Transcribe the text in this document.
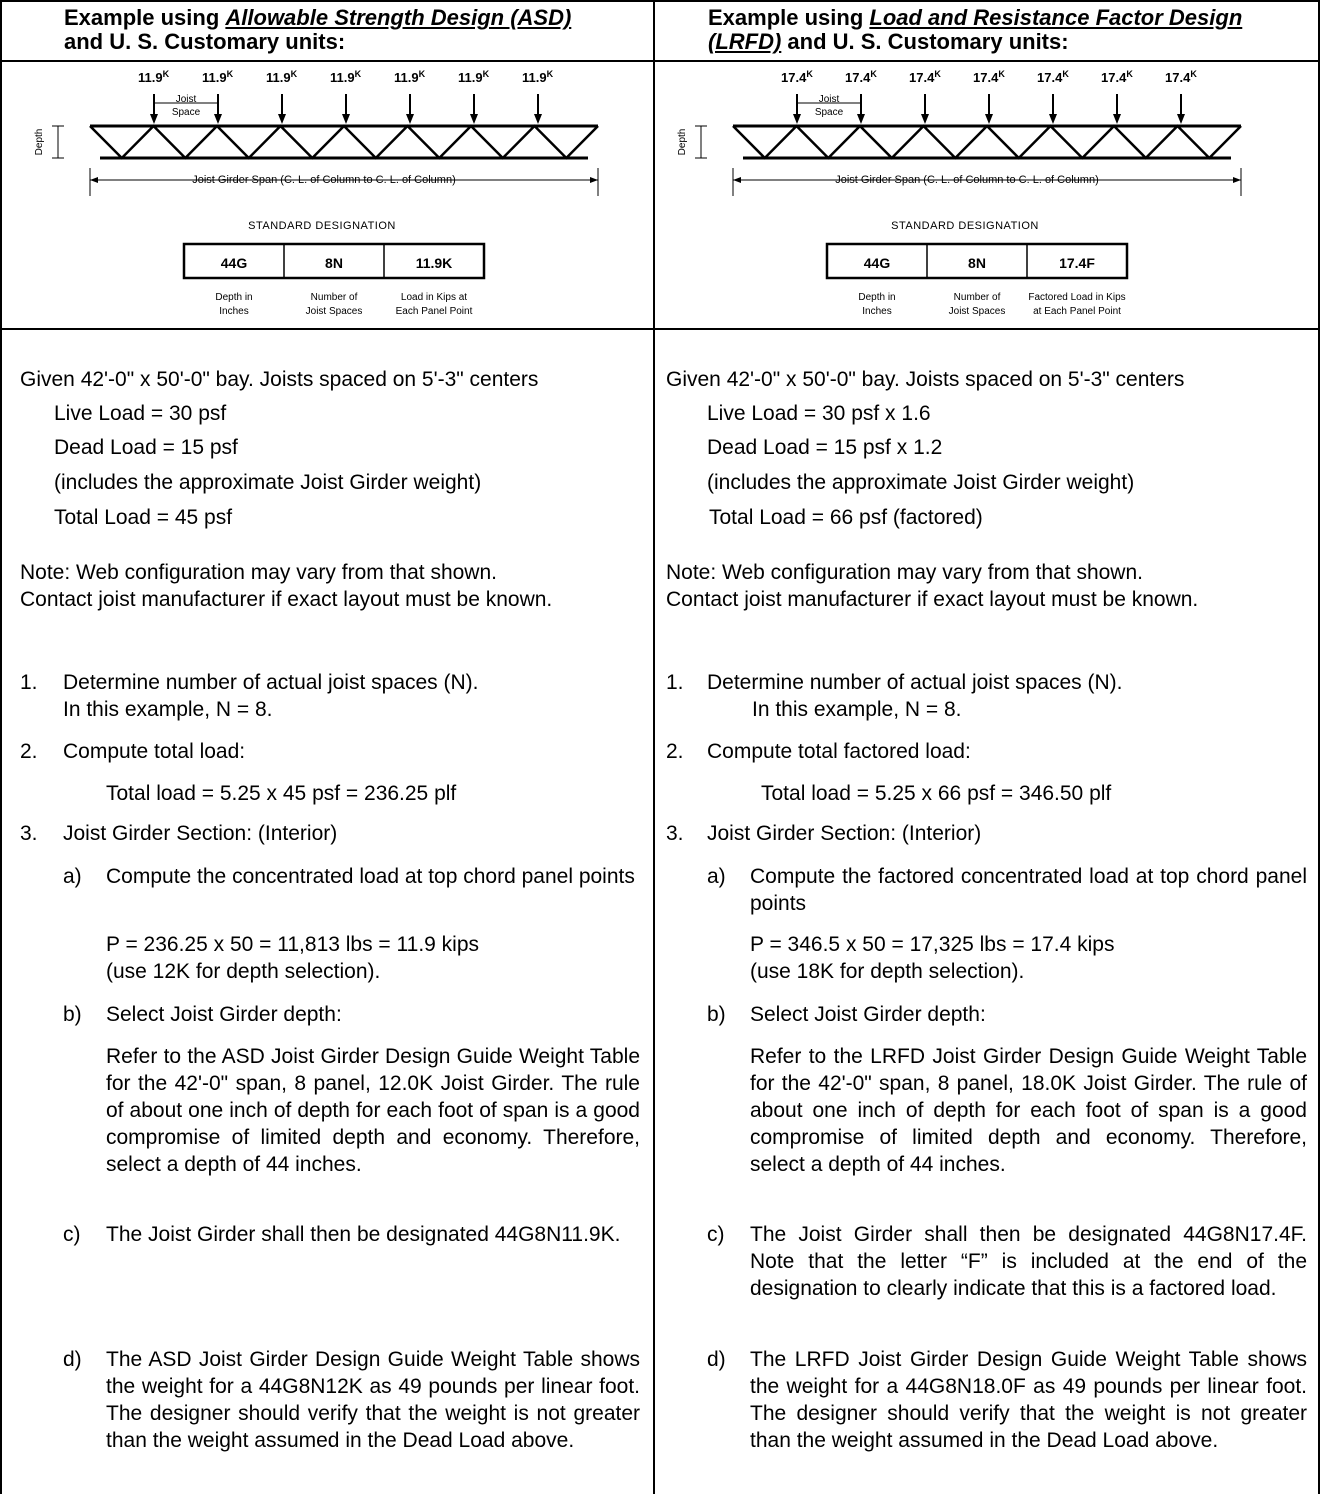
Example using Allowable Strength Design (ASD)
and U. S. Customary units:
$11.9^K$	$11.9^K$	$11.9^K$	$11.9^K$	$11.9^K$	$11.9^K$	$11.9^K$
Joist
Space
Depth
Joist Girder Span (C. L. of Column to C. L. of Column)
STANDARD DESIGNATION
44G	8N	11.9K
Depth in
Inches
Number of
Joist Spaces
Load in Kips at
Each Panel Point
Given 42'-0" x 50'-0" bay. Joists spaced on 5'-3" centers
Live Load = 30 psf
Dead Load = 15 psf
(includes the approximate Joist Girder weight)
Total Load = 45 psf
Note: Web configuration may vary from that shown.
Contact joist manufacturer if exact layout must be known.
1. Determine number of actual joist spaces (N).
In this example, N = 8.
2. Compute total load:
Total load = 5.25 x 45 psf = 236.25 plf
3. Joist Girder Section: (Interior)
a) Compute the concentrated load at top chord panel points
P = 236.25 x 50 = 11,813 lbs = 11.9 kips
(use 12K for depth selection).
b) Select Joist Girder depth:
Refer to the ASD Joist Girder Design Guide Weight Table for the 42'-0" span, 8 panel, 12.0K Joist Girder. The rule of about one inch of depth for each foot of span is a good compromise of limited depth and economy. Therefore, select a depth of 44 inches.
c) The Joist Girder shall then be designated 44G8N11.9K.
d) The ASD Joist Girder Design Guide Weight Table shows the weight for a 44G8N12K as 49 pounds per linear foot. The designer should verify that the weight is not greater than the weight assumed in the Dead Load above.
Example using Load and Resistance Factor Design
(LRFD) and U. S. Customary units:
$17.4^K$ $17.4^K$ $17.4^K$ $17.4^K$ $17.4^K$ $17.4^K$ $17.4^K$
Joist
Space
Depth
Joist Girder Span (C. L. of Column to C. L. of Column)
STANDARD DESIGNATION
44G	8N	17.4F
Depth in
Inches
Number of
Joist Spaces
Factored Load in Kips
at Each Panel Point
Given 42'-0" x 50'-0" bay. Joists spaced on 5'-3" centers
Live Load = 30 psf x 1.6
Dead Load = 15 psf x 1.2
(includes the approximate Joist Girder weight)
Total Load = 66 psf (factored)
Note: Web configuration may vary from that shown.
Contact joist manufacturer if exact layout must be known.
1. Determine number of actual joist spaces (N).
In this example, N = 8.
2. Compute total factored load:
Total load = 5.25 x 66 psf = 346.50 plf
3. Joist Girder Section: (Interior)
a) Compute the factored concentrated load at top chord panel points
P = 346.5 x 50 = 17,325 lbs = 17.4 kips
(use 18K for depth selection).
b) Select Joist Girder depth:
Refer to the LRFD Joist Girder Design Guide Weight Table for the 42'-0" span, 8 panel, 18.0K Joist Girder. The rule of about one inch of depth for each foot of span is a good compromise of limited depth and economy. Therefore, select a depth of 44 inches.
c) The Joist Girder shall then be designated 44G8N17.4F. Note that the letter “F” is included at the end of the designation to clearly indicate that this is a factored load.
d) The LRFD Joist Girder Design Guide Weight Table shows the weight for a 44G8N18.0F as 49 pounds per linear foot. The designer should verify that the weight is not greater than the weight assumed in the Dead Load above.
